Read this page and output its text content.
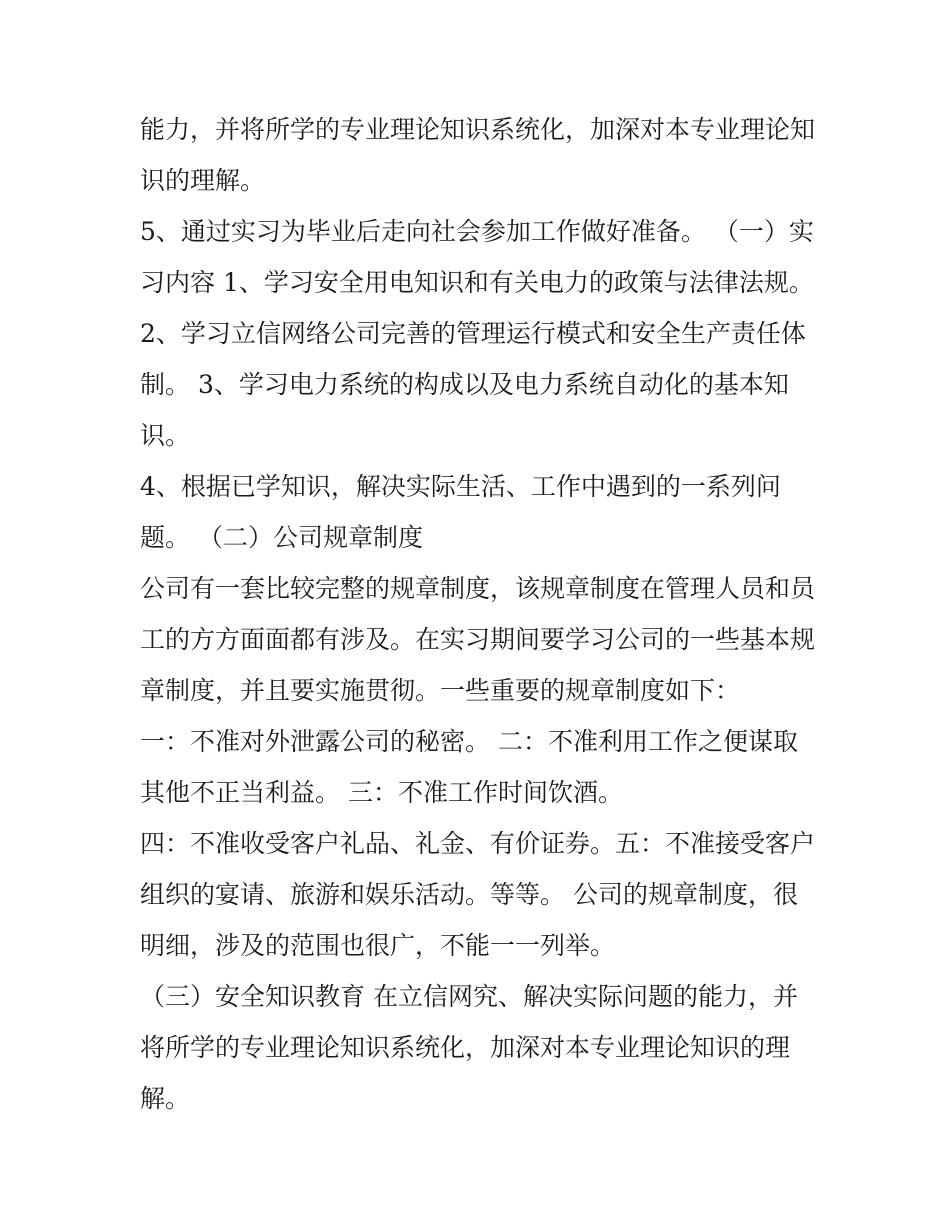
能力，并将所学的专业理论知识系统化，加深对本专业理论知
识的理解。
5、通过实习为毕业后走向社会参加工作做好准备。 （一）实
习内容 1、学习安全用电知识和有关电力的政策与法律法规。
2、学习立信网络公司完善的管理运行模式和安全生产责任体
制。 3、学习电力系统的构成以及电力系统自动化的基本知
识。
4、根据已学知识，解决实际生活、工作中遇到的一系列问
题。 （二）公司规章制度
公司有一套比较完整的规章制度，该规章制度在管理人员和员
工的方方面面都有涉及。在实习期间要学习公司的一些基本规
章制度，并且要实施贯彻。一些重要的规章制度如下：
一：不准对外泄露公司的秘密。 二：不准利用工作之便谋取
其他不正当利益。 三：不准工作时间饮酒。
四：不准收受客户礼品、礼金、有价证券。五：不准接受客户
组织的宴请、旅游和娱乐活动。等等。 公司的规章制度，很
明细，涉及的范围也很广，不能一一列举。
（三）安全知识教育 在立信网究、解决实际问题的能力，并
将所学的专业理论知识系统化，加深对本专业理论知识的理
解。
